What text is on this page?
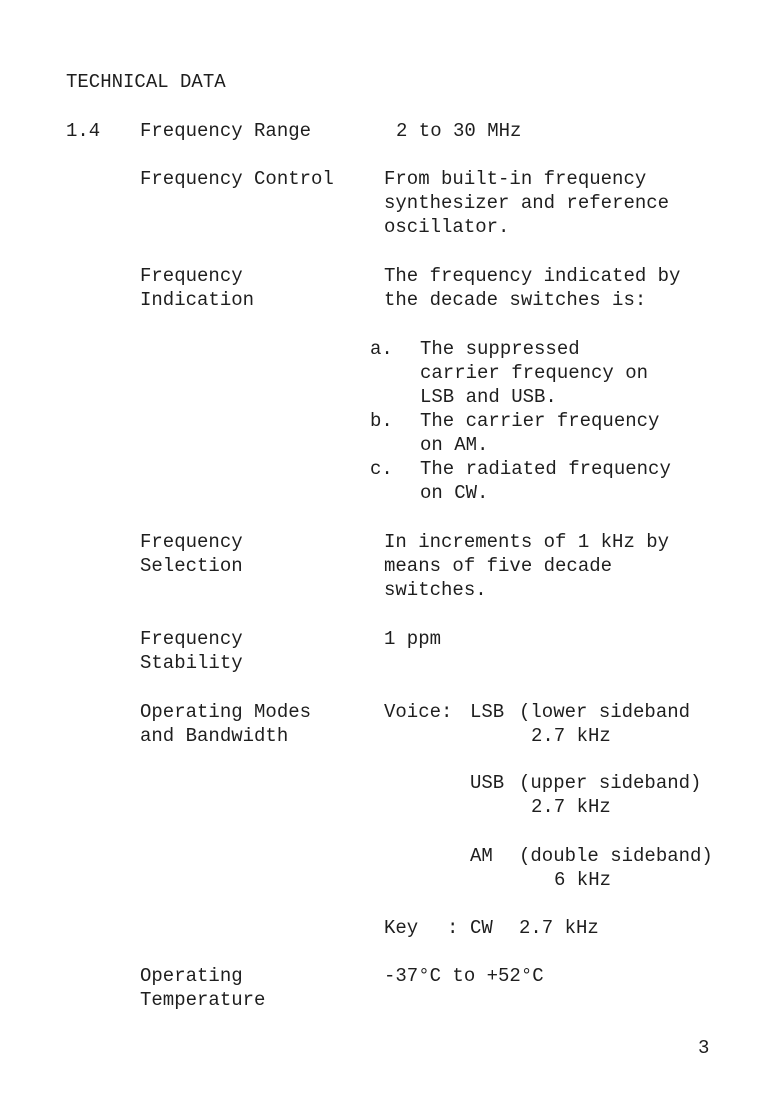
TECHNICAL DATA

1.4 Frequency Range	2 to 30 MHz

Frequency Control	From built-in frequency
synthesizer and reference
oscillator.

Frequency
Indication

The frequency indicated by
the decade switches is:

a. The suppressed
carrier frequency on
LSB and USB.

b. The carrier frequency
on AM.

c. The radiated frequency
on CW.

Frequency
Selection

In increments of 1 kHz by
means of five decade
switches.

Frequency
Stability

1 ppm

Operating Modes
and Bandwidth

Voice: LSB (lower sideband

2.7 kHz

USB (upper sideband)

2.7 kHz

AM (double sideband)

6 kHz

Key : CW 2.7 kHz

Operating
Temperature

-37°C to +52°C

3
